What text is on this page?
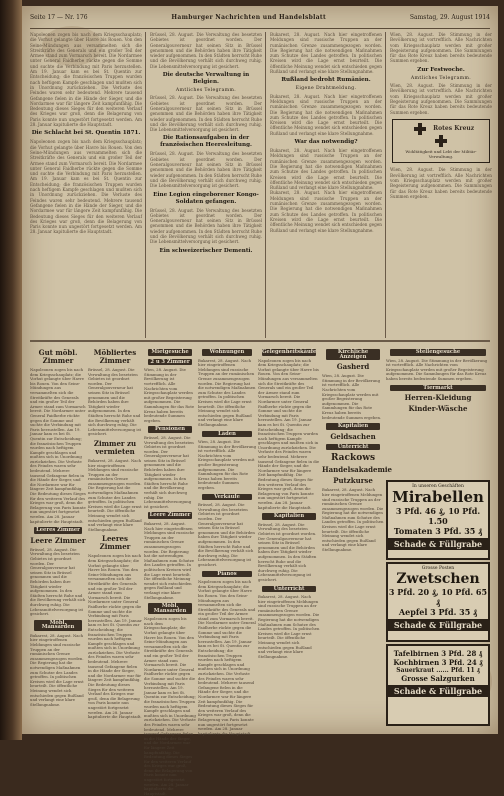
Seite 17 — Nr. 176	Hamburger Nachrichten und Handelsblatt	Samstag, 29. August 1914
Napoleonen zogen bis nach dem Kriegsschauplatz; die Vorhut gelangte über Havre bis Rouen. Von den Seine-Mündungen aus versammelten sich die Streitkräfte des Generals und ein großer Teil der Armee stand zum Vormarsch bereit. Die Nordarmee unter General Faidherbe rückte gegen die Somme und suchte die Verbindung mit Paris herzustellen. Am 19. Januar kam es bei St. Quentin zur Entscheidung; die französischen Truppen wurden nach heftigem Kampfe geschlagen und mußten sich in Unordnung zurückziehen. Die Verluste des Feindes waren sehr bedeutend. Mehrere tausend Gefangene fielen in die Hände der Sieger, und die Nordarmee war für längere Zeit kampfunfähig. Die Bedeutung dieses Sieges für den weiteren Verlauf des Krieges war groß, denn die Belagerung von Paris konnte nun ungestört fortgesetzt werden. Am 28. Januar kapitulierte die Hauptstadt.
Die Schlacht bei St. Quentin 1871.
Napoleonen zogen bis nach dem Kriegsschauplatz; die Vorhut gelangte über Havre bis Rouen. Von den Seine-Mündungen aus versammelten sich die Streitkräfte des Generals und ein großer Teil der Armee stand zum Vormarsch bereit. Die Nordarmee unter General Faidherbe rückte gegen die Somme und suchte die Verbindung mit Paris herzustellen. Am 19. Januar kam es bei St. Quentin zur Entscheidung; die französischen Truppen wurden nach heftigem Kampfe geschlagen und mußten sich in Unordnung zurückziehen. Die Verluste des Feindes waren sehr bedeutend. Mehrere tausend Gefangene fielen in die Hände der Sieger, und die Nordarmee war für längere Zeit kampfunfähig. Die Bedeutung dieses Sieges für den weiteren Verlauf des Krieges war groß, denn die Belagerung von Paris konnte nun ungestört fortgesetzt werden. Am 28. Januar kapitulierte die Hauptstadt.
Brüssel, 28. August. Die Verwaltung des besetzten Gebietes ist geordnet worden. Der Generalgouverneur hat seinen Sitz in Brüssel genommen und die Behörden haben ihre Tätigkeit wieder aufgenommen. In den Städten herrscht Ruhe und die Bevölkerung verhält sich durchweg ruhig. Die Lebensmittelversorgung ist gesichert.
Die deutsche Verwaltung in Belgien.
Amtliches Telegramm.
Brüssel, 28. August. Die Verwaltung des besetzten Gebietes ist geordnet worden. Der Generalgouverneur hat seinen Sitz in Brüssel genommen und die Behörden haben ihre Tätigkeit wieder aufgenommen. In den Städten herrscht Ruhe und die Bevölkerung verhält sich durchweg ruhig. Die Lebensmittelversorgung ist gesichert.
Die Rationsaufgaben in der französischen Heeresleitung.
Brüssel, 28. August. Die Verwaltung des besetzten Gebietes ist geordnet worden. Der Generalgouverneur hat seinen Sitz in Brüssel genommen und die Behörden haben ihre Tätigkeit wieder aufgenommen. In den Städten herrscht Ruhe und die Bevölkerung verhält sich durchweg ruhig. Die Lebensmittelversorgung ist gesichert.
Eine Legion eingeborener Kongo-Soldaten gefangen.
Brüssel, 28. August. Die Verwaltung des besetzten Gebietes ist geordnet worden. Der Generalgouverneur hat seinen Sitz in Brüssel genommen und die Behörden haben ihre Tätigkeit wieder aufgenommen. In den Städten herrscht Ruhe und die Bevölkerung verhält sich durchweg ruhig. Die Lebensmittelversorgung ist gesichert.
Ein schweizerischer Dementi.
Bukarest, 28. August. Nach hier eingetroffenen Meldungen sind russische Truppen an der rumänischen Grenze zusammengezogen worden. Die Regierung hat die notwendigen Maßnahmen zum Schutze des Landes getroffen. In politischen Kreisen wird die Lage ernst beurteilt. Die öffentliche Meinung wendet sich entschieden gegen Rußland und verlangt eine klare Stellungnahme.
Rußland bedroht Rumänien.
Eigene Drahtmeldung.
Bukarest, 28. August. Nach hier eingetroffenen Meldungen sind russische Truppen an der rumänischen Grenze zusammengezogen worden. Die Regierung hat die notwendigen Maßnahmen zum Schutze des Landes getroffen. In politischen Kreisen wird die Lage ernst beurteilt. Die öffentliche Meinung wendet sich entschieden gegen Rußland und verlangt eine klare Stellungnahme.
War das notwendig?
Bukarest, 28. August. Nach hier eingetroffenen Meldungen sind russische Truppen an der rumänischen Grenze zusammengezogen worden. Die Regierung hat die notwendigen Maßnahmen zum Schutze des Landes getroffen. In politischen Kreisen wird die Lage ernst beurteilt. Die öffentliche Meinung wendet sich entschieden gegen Rußland und verlangt eine klare Stellungnahme.
Bukarest, 28. August. Nach hier eingetroffenen Meldungen sind russische Truppen an der rumänischen Grenze zusammengezogen worden. Die Regierung hat die notwendigen Maßnahmen zum Schutze des Landes getroffen. In politischen Kreisen wird die Lage ernst beurteilt. Die öffentliche Meinung wendet sich entschieden gegen Rußland und verlangt eine klare Stellungnahme.
Wien, 28. August. Die Stimmung in der Bevölkerung ist vortrefflich. Alle Nachrichten vom Kriegsschauplatz werden mit großer Begeisterung aufgenommen. Die Sammlungen für das Rote Kreuz haben bereits bedeutende Summen ergeben.
Zur Festwoche.
Amtliches Telegramm.
Wien, 28. August. Die Stimmung in der Bevölkerung ist vortrefflich. Alle Nachrichten vom Kriegsschauplatz werden mit großer Begeisterung aufgenommen. Die Sammlungen für das Rote Kreuz haben bereits bedeutende Summen ergeben.
Rotes Kreuz
Wohltätigkeit und Lebt der Militär-Verwaltung.
Wien, 28. August. Die Stimmung in der Bevölkerung ist vortrefflich. Alle Nachrichten vom Kriegsschauplatz werden mit großer Begeisterung aufgenommen. Die Sammlungen für das Rote Kreuz haben bereits bedeutende Summen ergeben.
Gut möbl. Zimmer
Napoleonen zogen bis nach dem Kriegsschauplatz; die Vorhut gelangte über Havre bis Rouen. Von den Seine-Mündungen aus versammelten sich die Streitkräfte des Generals und ein großer Teil der Armee stand zum Vormarsch bereit. Die Nordarmee unter General Faidherbe rückte gegen die Somme und suchte die Verbindung mit Paris herzustellen. Am 19. Januar kam es bei St. Quentin zur Entscheidung; die französischen Truppen wurden nach heftigem Kampfe geschlagen und mußten sich in Unordnung zurückziehen. Die Verluste des Feindes waren sehr bedeutend. Mehrere tausend Gefangene fielen in die Hände der Sieger, und die Nordarmee war für längere Zeit kampfunfähig. Die Bedeutung dieses Sieges für den weiteren Verlauf des Krieges war groß, denn die Belagerung von Paris konnte nun ungestört fortgesetzt werden. Am 28. Januar kapitulierte die Hauptstadt.
Leeres Zimmer
Leere Zimmer
Brüssel, 28. August. Die Verwaltung des besetzten Gebietes ist geordnet worden. Der Generalgouverneur hat seinen Sitz in Brüssel genommen und die Behörden haben ihre Tätigkeit wieder aufgenommen. In den Städten herrscht Ruhe und die Bevölkerung verhält sich durchweg ruhig. Die Lebensmittelversorgung ist gesichert.
Möbl. Mansarden
Bukarest, 28. August. Nach hier eingetroffenen Meldungen sind russische Truppen an der rumänischen Grenze zusammengezogen worden. Die Regierung hat die notwendigen Maßnahmen zum Schutze des Landes getroffen. In politischen Kreisen wird die Lage ernst beurteilt. Die öffentliche Meinung wendet sich entschieden gegen Rußland und verlangt eine klare Stellungnahme.
Möbliertes Zimmer
Brüssel, 28. August. Die Verwaltung des besetzten Gebietes ist geordnet worden. Der Generalgouverneur hat seinen Sitz in Brüssel genommen und die Behörden haben ihre Tätigkeit wieder aufgenommen. In den Städten herrscht Ruhe und die Bevölkerung verhält sich durchweg ruhig. Die Lebensmittelversorgung ist gesichert.
Zimmer zu vermieten
Bukarest, 28. August. Nach hier eingetroffenen Meldungen sind russische Truppen an der rumänischen Grenze zusammengezogen worden. Die Regierung hat die notwendigen Maßnahmen zum Schutze des Landes getroffen. In politischen Kreisen wird die Lage ernst beurteilt. Die öffentliche Meinung wendet sich entschieden gegen Rußland und verlangt eine klare Stellungnahme.
Leeres Zimmer
Napoleonen zogen bis nach dem Kriegsschauplatz; die Vorhut gelangte über Havre bis Rouen. Von den Seine-Mündungen aus versammelten sich die Streitkräfte des Generals und ein großer Teil der Armee stand zum Vormarsch bereit. Die Nordarmee unter General Faidherbe rückte gegen die Somme und suchte die Verbindung mit Paris herzustellen. Am 19. Januar kam es bei St. Quentin zur Entscheidung; die französischen Truppen wurden nach heftigem Kampfe geschlagen und mußten sich in Unordnung zurückziehen. Die Verluste des Feindes waren sehr bedeutend. Mehrere tausend Gefangene fielen in die Hände der Sieger, und die Nordarmee war für längere Zeit kampfunfähig. Die Bedeutung dieses Sieges für den weiteren Verlauf des Krieges war groß, denn die Belagerung von Paris konnte nun ungestört fortgesetzt werden. Am 28. Januar kapitulierte die Hauptstadt.
Mietgesuche
2 u 3 Zimmer
Wien, 28. August. Die Stimmung in der Bevölkerung ist vortrefflich. Alle Nachrichten vom Kriegsschauplatz werden mit großer Begeisterung aufgenommen. Die Sammlungen für das Rote Kreuz haben bereits bedeutende Summen ergeben.
Pensionen
Brüssel, 28. August. Die Verwaltung des besetzten Gebietes ist geordnet worden. Der Generalgouverneur hat seinen Sitz in Brüssel genommen und die Behörden haben ihre Tätigkeit wieder aufgenommen. In den Städten herrscht Ruhe und die Bevölkerung verhält sich durchweg ruhig. Die Lebensmittelversorgung ist gesichert.
Leere Zimmer
Bukarest, 28. August. Nach hier eingetroffenen Meldungen sind russische Truppen an der rumänischen Grenze zusammengezogen worden. Die Regierung hat die notwendigen Maßnahmen zum Schutze des Landes getroffen. In politischen Kreisen wird die Lage ernst beurteilt. Die öffentliche Meinung wendet sich entschieden gegen Rußland und verlangt eine klare Stellungnahme.
Möbl. Mansarden
Napoleonen zogen bis nach dem Kriegsschauplatz; die Vorhut gelangte über Havre bis Rouen. Von den Seine-Mündungen aus versammelten sich die Streitkräfte des Generals und ein großer Teil der Armee stand zum Vormarsch bereit. Die Nordarmee unter General Faidherbe rückte gegen die Somme und suchte die Verbindung mit Paris herzustellen. Am 19. Januar kam es bei St. Quentin zur Entscheidung; die französischen Truppen wurden nach heftigem Kampfe geschlagen und mußten sich in Unordnung zurückziehen. Die Verluste des Feindes waren sehr bedeutend. Mehrere tausend Gefangene fielen in die Hände der Sieger, und die Nordarmee war für längere Zeit kampfunfähig. Die Bedeutung dieses Sieges für den weiteren Verlauf des Krieges war groß, denn die Belagerung von Paris konnte nun ungestört fortgesetzt werden. Am 28. Januar kapitulierte die Hauptstadt.
Wohnungen
Bukarest, 28. August. Nach hier eingetroffenen Meldungen sind russische Truppen an der rumänischen Grenze zusammengezogen worden. Die Regierung hat die notwendigen Maßnahmen zum Schutze des Landes getroffen. In politischen Kreisen wird die Lage ernst beurteilt. Die öffentliche Meinung wendet sich entschieden gegen Rußland und verlangt eine klare Stellungnahme.
Läden
Wien, 28. August. Die Stimmung in der Bevölkerung ist vortrefflich. Alle Nachrichten vom Kriegsschauplatz werden mit großer Begeisterung aufgenommen. Die Sammlungen für das Rote Kreuz haben bereits bedeutende Summen ergeben.
Verkäufe
Brüssel, 28. August. Die Verwaltung des besetzten Gebietes ist geordnet worden. Der Generalgouverneur hat seinen Sitz in Brüssel genommen und die Behörden haben ihre Tätigkeit wieder aufgenommen. In den Städten herrscht Ruhe und die Bevölkerung verhält sich durchweg ruhig. Die Lebensmittelversorgung ist gesichert.
Pianos
Napoleonen zogen bis nach dem Kriegsschauplatz; die Vorhut gelangte über Havre bis Rouen. Von den Seine-Mündungen aus versammelten sich die Streitkräfte des Generals und ein großer Teil der Armee stand zum Vormarsch bereit. Die Nordarmee unter General Faidherbe rückte gegen die Somme und suchte die Verbindung mit Paris herzustellen. Am 19. Januar kam es bei St. Quentin zur Entscheidung; die französischen Truppen wurden nach heftigem Kampfe geschlagen und mußten sich in Unordnung zurückziehen. Die Verluste des Feindes waren sehr bedeutend. Mehrere tausend Gefangene fielen in die Hände der Sieger, und die Nordarmee war für längere Zeit kampfunfähig. Die Bedeutung dieses Sieges für den weiteren Verlauf des Krieges war groß, denn die Belagerung von Paris konnte nun ungestört fortgesetzt werden. Am 28. Januar kapitulierte die Hauptstadt.
Gelegenheitskäufe
Napoleonen zogen bis nach dem Kriegsschauplatz; die Vorhut gelangte über Havre bis Rouen. Von den Seine-Mündungen aus versammelten sich die Streitkräfte des Generals und ein großer Teil der Armee stand zum Vormarsch bereit. Die Nordarmee unter General Faidherbe rückte gegen die Somme und suchte die Verbindung mit Paris herzustellen. Am 19. Januar kam es bei St. Quentin zur Entscheidung; die französischen Truppen wurden nach heftigem Kampfe geschlagen und mußten sich in Unordnung zurückziehen. Die Verluste des Feindes waren sehr bedeutend. Mehrere tausend Gefangene fielen in die Hände der Sieger, und die Nordarmee war für längere Zeit kampfunfähig. Die Bedeutung dieses Sieges für den weiteren Verlauf des Krieges war groß, denn die Belagerung von Paris konnte nun ungestört fortgesetzt werden. Am 28. Januar kapitulierte die Hauptstadt.
Kapitalien
Brüssel, 28. August. Die Verwaltung des besetzten Gebietes ist geordnet worden. Der Generalgouverneur hat seinen Sitz in Brüssel genommen und die Behörden haben ihre Tätigkeit wieder aufgenommen. In den Städten herrscht Ruhe und die Bevölkerung verhält sich durchweg ruhig. Die Lebensmittelversorgung ist gesichert.
Unterricht
Bukarest, 28. August. Nach hier eingetroffenen Meldungen sind russische Truppen an der rumänischen Grenze zusammengezogen worden. Die Regierung hat die notwendigen Maßnahmen zum Schutze des Landes getroffen. In politischen Kreisen wird die Lage ernst beurteilt. Die öffentliche Meinung wendet sich entschieden gegen Rußland und verlangt eine klare Stellungnahme.
Kirchliche Anzeigen
Gasherd
Wien, 28. August. Die Stimmung in der Bevölkerung ist vortrefflich. Alle Nachrichten vom Kriegsschauplatz werden mit großer Begeisterung aufgenommen. Die Sammlungen für das Rote Kreuz haben bereits bedeutende Summen ergeben.
Kapitalien
Geldsachen
Unterricht
Rackows
Handelsakademie
Putzkurse
Bukarest, 28. August. Nach hier eingetroffenen Meldungen sind russische Truppen an der rumänischen Grenze zusammengezogen worden. Die Regierung hat die notwendigen Maßnahmen zum Schutze des Landes getroffen. In politischen Kreisen wird die Lage ernst beurteilt. Die öffentliche Meinung wendet sich entschieden gegen Rußland und verlangt eine klare Stellungnahme.
Stellengesuche
Wien, 28. August. Die Stimmung in der Bevölkerung ist vortrefflich. Alle Nachrichten vom Kriegsschauplatz werden mit großer Begeisterung aufgenommen. Die Sammlungen für das Rote Kreuz haben bereits bedeutende Summen ergeben.
Tiermarkt
Herren-Kleidung
Kinder-Wäsche
In unseren Geschäften
Mirabellen
3 Pfd. 46 ₰, 10 Pfd. 1.50
Tomaten 3 Pfd. 35 ₰
Schade & Füllgrabe
Grosse Posten
Zwetschen
3 Pfd. 20 ₰, 10 Pfd. 65 ₰
Aepfel 3 Pfd. 35 ₰
Schade & Füllgrabe
Tafelbirnen 3 Pfd. 28 ₰
Kochbirnen 3 Pfd. 24 ₰
Sauerkraut ...... Pfd. 11 ₰
Grosse Salzgurken
Schade & Füllgrabe
